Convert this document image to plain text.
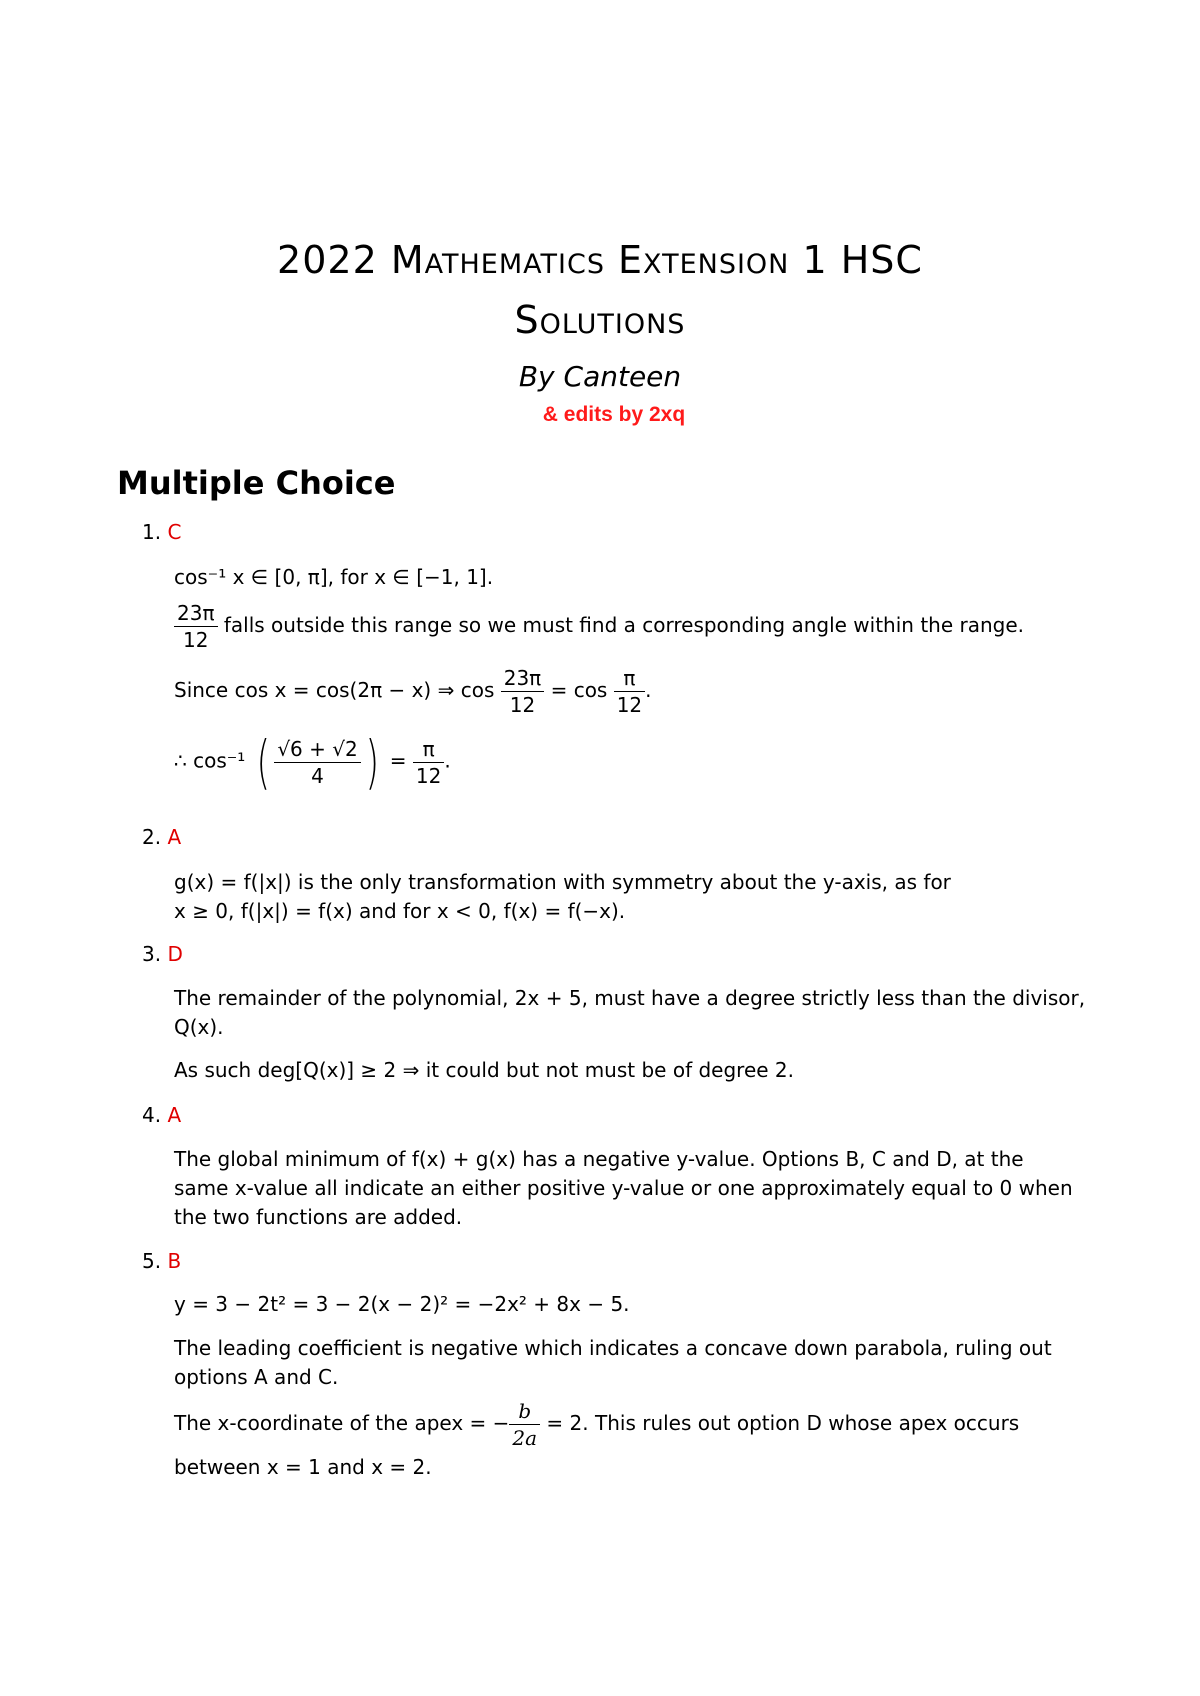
2022 Mathematics Extension 1 HSC
Solutions
By Canteen
& edits by 2xq
Multiple Choice
1. C
cos⁻¹ x ∈ [0, π], for x ∈ [−1, 1].
$\frac{23\pi}{12}$ falls outside this range so we must find a corresponding angle within the range.
Since cos x = cos(2π − x) ⇒ $\cos \frac{23\pi}{12} = \cos \frac{\pi}{12}$ .
∴ cos⁻¹ ( $\frac{√6 + √2}{4}$ ) = $\frac{\pi}{12}$ .
2. A
g(x) = f(|x|) is the only transformation with symmetry about the y-axis, as for
x ≥ 0, f(|x|) = f(x) and for x < 0, f(x) = f(−x).
3. D
The remainder of the polynomial, 2x + 5, must have a degree strictly less than the divisor,
Q(x).
As such deg[Q(x)] ≥ 2 ⇒ it could but not must be of degree 2.
4. A
The global minimum of f(x) + g(x) has a negative y-value. Options B, C and D, at the
same x-value all indicate an either positive y-value or one approximately equal to 0 when
the two functions are added.
5. B
y = 3 − 2t² = 3 − 2(x − 2)² = −2x² + 8x − 5.
The leading coefficient is negative which indicates a concave down parabola, ruling out
options A and C.
The x-coordinate of the apex = − $\frac{b}{2a} = 2$. This rules out option D whose apex occurs
between x = 1 and x = 2.
